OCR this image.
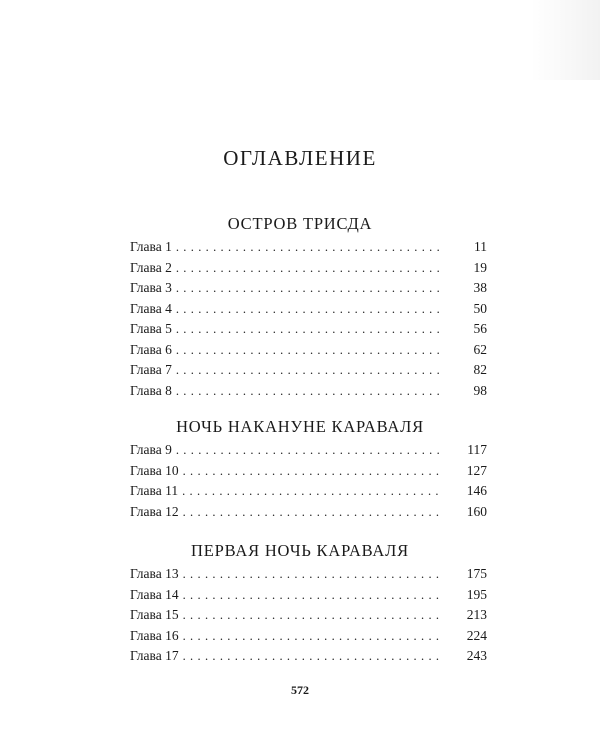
ОГЛАВЛЕНИЕ
ОСТРОВ ТРИСДА
Глава 1 . . .	11
Глава 2 . . .	19
Глава 3 . . .	38
Глава 4 . . .	50
Глава 5 . . .	56
Глава 6 . . .	62
Глава 7 . . .	82
Глава 8 . . .	98
НОЧЬ НАКАНУНЕ КАРАВАЛЯ
Глава 9 . . .	117
Глава 10 . . .	127
Глава 11 . . .	146
Глава 12 . . .	160
ПЕРВАЯ НОЧЬ КАРАВАЛЯ
Глава 13 . . .	175
Глава 14 . . .	195
Глава 15 . . .	213
Глава 16 . . .	224
Глава 17 . . .	243
572
